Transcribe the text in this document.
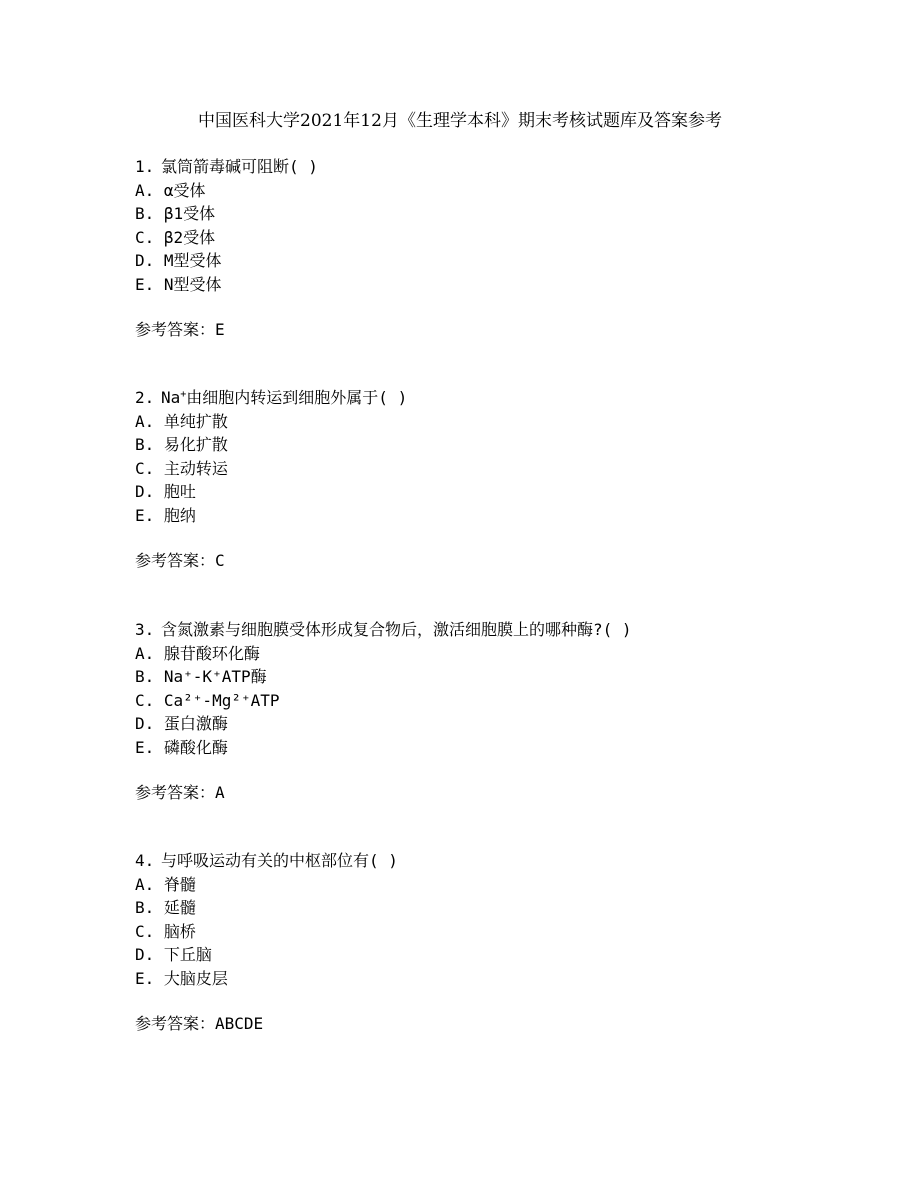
中国医科大学2021年12月《生理学本科》期末考核试题库及答案参考
1. 氯筒箭毒碱可阻断( )
A. α受体
B. β1受体
C. β2受体
D. M型受体
E. N型受体
参考答案：E
2. Na+由细胞内转运到细胞外属于( )
A. 单纯扩散
B. 易化扩散
C. 主动转运
D. 胞吐
E. 胞纳
参考答案：C
3. 含氮激素与细胞膜受体形成复合物后，激活细胞膜上的哪种酶?( )
A. 腺苷酸环化酶
B. Na⁺-K⁺ATP酶
C. Ca²⁺-Mg²⁺ATP
D. 蛋白激酶
E. 磷酸化酶
参考答案：A
4. 与呼吸运动有关的中枢部位有( )
A. 脊髓
B. 延髓
C. 脑桥
D. 下丘脑
E. 大脑皮层
参考答案：ABCDE
